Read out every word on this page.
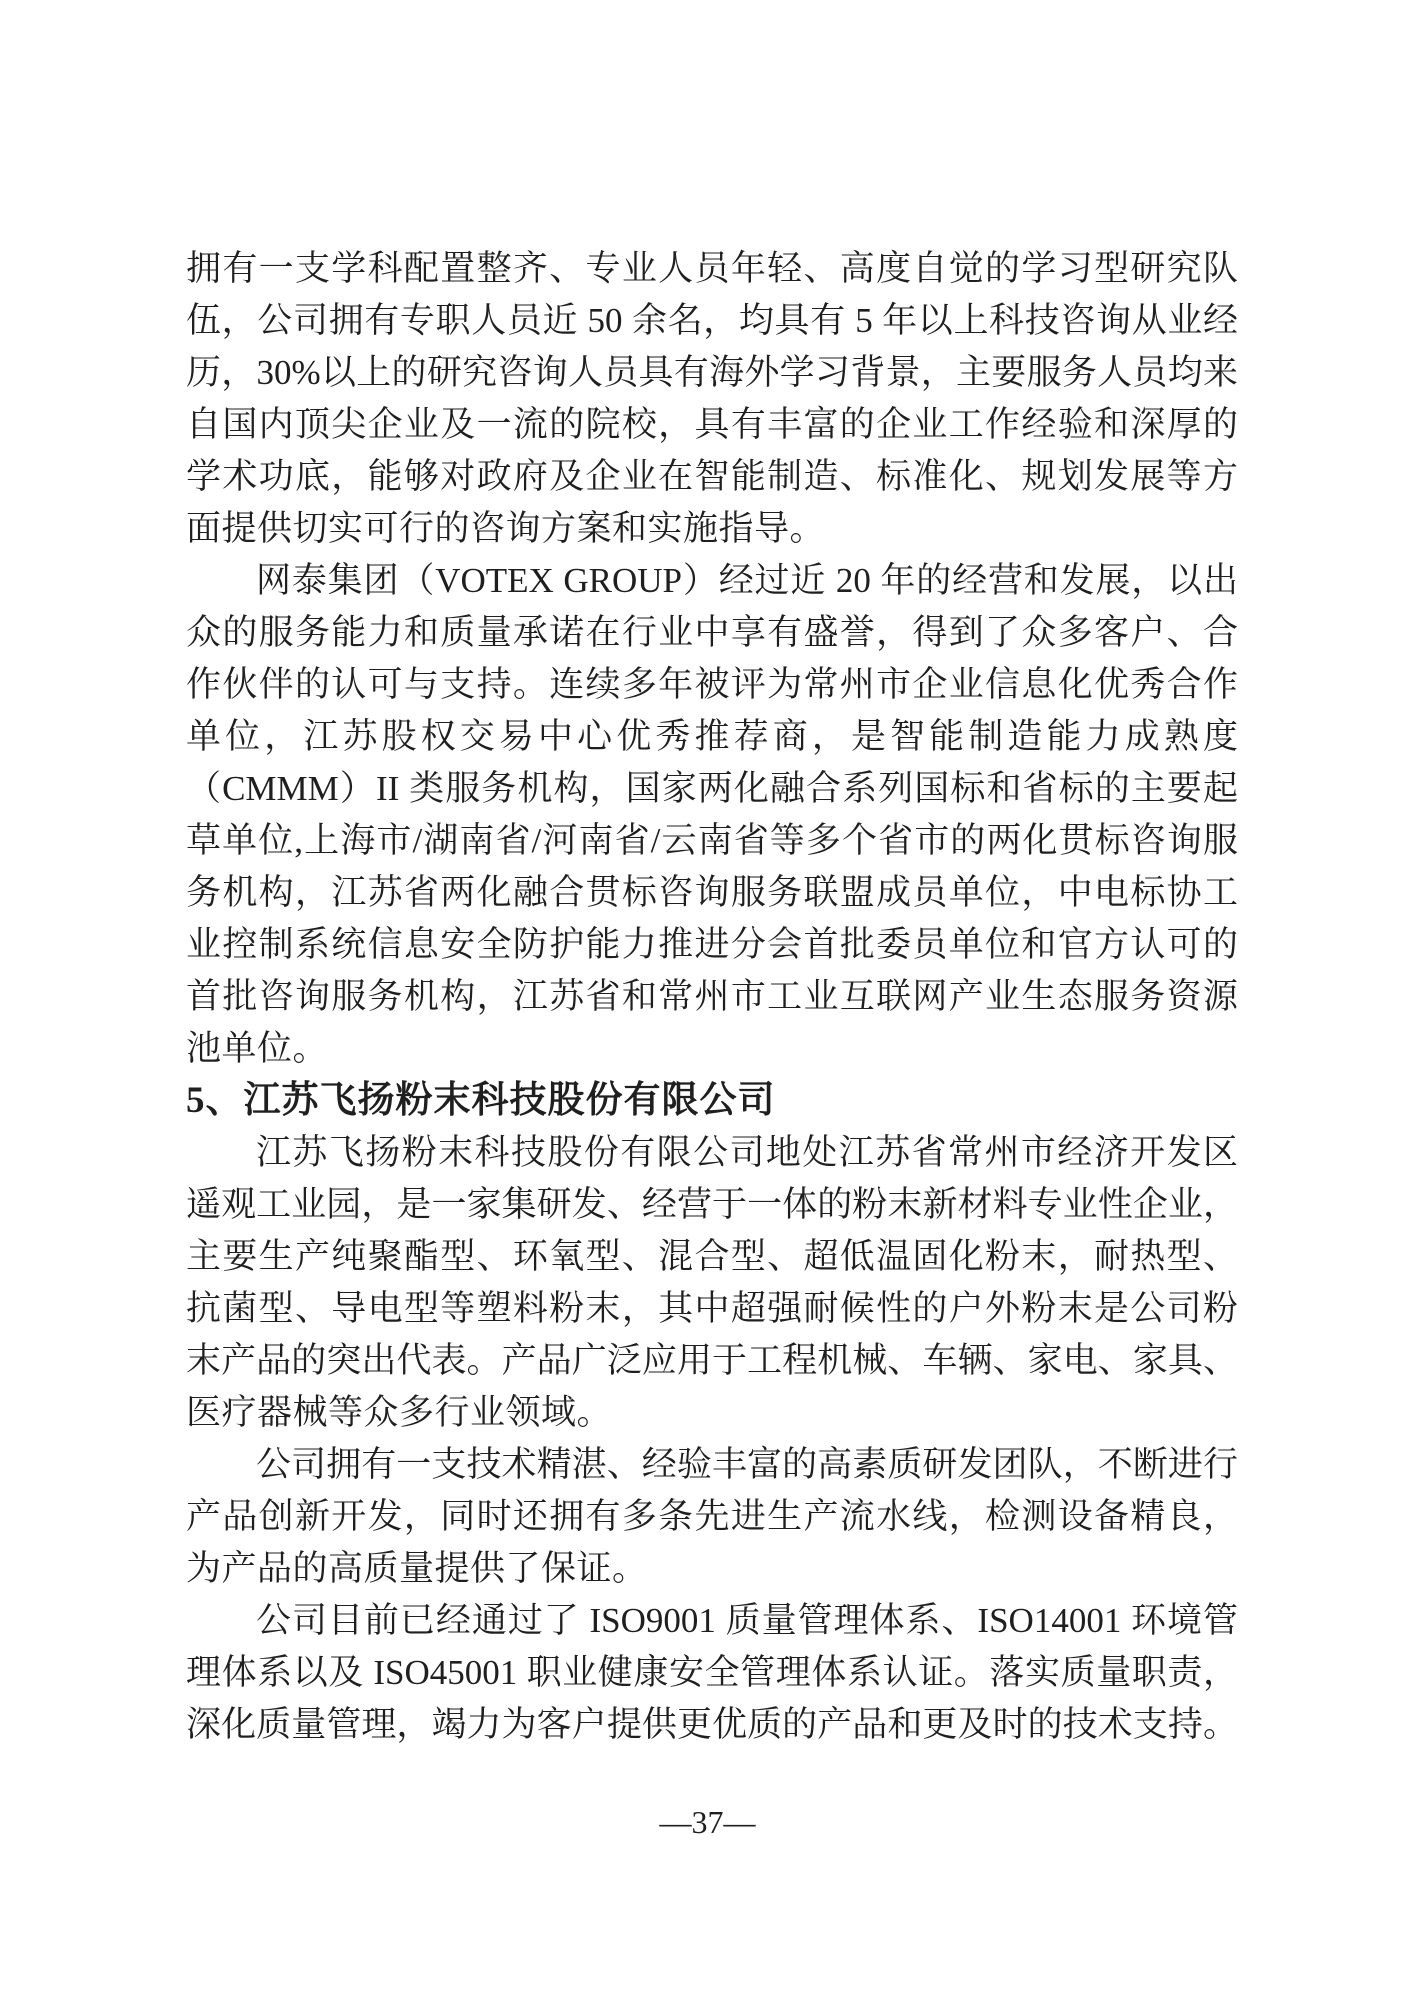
拥有一支学科配置整齐、专业人员年轻、高度自觉的学习型研究队
伍，公司拥有专职人员近 50 余名，均具有 5 年以上科技咨询从业经
历，30%以上的研究咨询人员具有海外学习背景，主要服务人员均来
自国内顶尖企业及一流的院校，具有丰富的企业工作经验和深厚的
学术功底，能够对政府及企业在智能制造、标准化、规划发展等方
面提供切实可行的咨询方案和实施指导。
网泰集团（VOTEX GROUP）经过近 20 年的经营和发展，以出
众的服务能力和质量承诺在行业中享有盛誉，得到了众多客户、合
作伙伴的认可与支持。连续多年被评为常州市企业信息化优秀合作
单位，江苏股权交易中心优秀推荐商，是智能制造能力成熟度
（CMMM）II 类服务机构，国家两化融合系列国标和省标的主要起
草单位,上海市/湖南省/河南省/云南省等多个省市的两化贯标咨询服
务机构，江苏省两化融合贯标咨询服务联盟成员单位，中电标协工
业控制系统信息安全防护能力推进分会首批委员单位和官方认可的
首批咨询服务机构，江苏省和常州市工业互联网产业生态服务资源
池单位。
5、江苏飞扬粉末科技股份有限公司
江苏飞扬粉末科技股份有限公司地处江苏省常州市经济开发区
遥观工业园，是一家集研发、经营于一体的粉末新材料专业性企业，
主要生产纯聚酯型、环氧型、混合型、超低温固化粉末，耐热型、
抗菌型、导电型等塑料粉末，其中超强耐候性的户外粉末是公司粉
末产品的突出代表。产品广泛应用于工程机械、车辆、家电、家具、
医疗器械等众多行业领域。
公司拥有一支技术精湛、经验丰富的高素质研发团队，不断进行
产品创新开发，同时还拥有多条先进生产流水线，检测设备精良，
为产品的高质量提供了保证。
公司目前已经通过了 ISO9001 质量管理体系、ISO14001 环境管
理体系以及 ISO45001 职业健康安全管理体系认证。落实质量职责，
深化质量管理，竭力为客户提供更优质的产品和更及时的技术支持。
—37—
